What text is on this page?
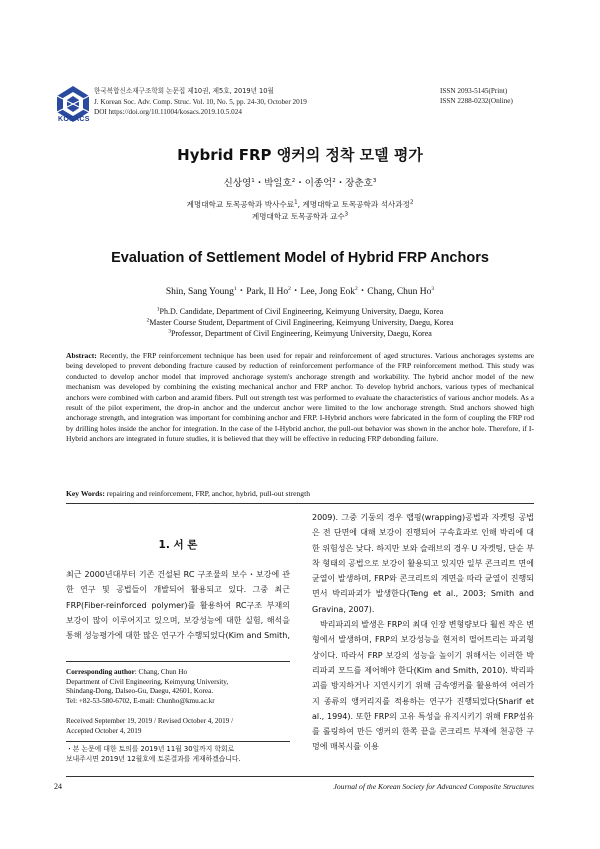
KOSACS
한국복합신소재구조학회 논문집 제10권, 제5호, 2019년 10월
J. Korean Soc. Adv. Comp. Struc. Vol. 10, No. 5, pp. 24-30, October 2019
DOI https://doi.org/10.11004/kosacs.2019.10.5.024
ISSN 2093-5145(Print)
ISSN 2288-0232(Online)
Hybrid FRP 앵커의 정착 모델 평가
신상영$^1$・박일호$^2$・이종억$^2$・장춘호$^3$
계명대학교 토목공학과 박사수료$^1$, 계명대학교 토목공학과 석사과정$^2$
계명대학교 토목공학과 교수$^3$
Evaluation of Settlement Model of Hybrid FRP Anchors
Shin, Sang Young$^1$・Park, Il Ho$^2$・Lee, Jong Eok$^2$・Chang, Chun Ho$^3$
$^1$Ph.D. Candidate, Department of Civil Engineering, Keimyung University, Daegu, Korea
$^2$Master Course Student, Department of Civil Engineering, Keimyung University, Daegu, Korea
$^3$Professor, Department of Civil Engineering, Keimyung University, Daegu, Korea
Abstract: Recently, the FRP reinforcement technique has been used for repair and reinforcement of aged structures. Various anchorages systems are being developed to prevent debonding fracture caused by reduction of reinforcement performance of the FRP reinforcement method. This study was conducted to develop anchor model that improved anchorage system's anchorage strength and workability. The hybrid anchor model of the new mechanism was developed by combining the existing mechanical anchor and FRP anchor. To develop hybrid anchors, various types of mechanical anchors were combined with carbon and aramid fibers. Pull out strength test was performed to evaluate the characteristics of various anchor models. As a result of the pilot experiment, the drop-in anchor and the undercut anchor were limited to the low anchorage strength. Stud anchors showed high anchorage strength, and integration was important for combining anchor and FRP. I-Hybrid anchors were fabricated in the form of coupling the FRP rod by drilling holes inside the anchor for integration. In the case of the I-Hybrid anchor, the pull-out behavior was shown in the anchor hole. Therefore, if I-Hybrid anchors are integrated in future studies, it is believed that they will be effective in reducing FRP debonding failure.
Key Words: repairing and reinforcement, FRP, anchor, hybrid, pull-out strength
1. 서 론
최근 2000년대부터 기존 건설된 RC 구조물의 보수・보강에 관한 연구 및 공법들이 개발되어 활용되고 있다. 그중 최근 FRP(Fiber-reinforced polymer)를 활용하여 RC구조 부재의 보강이 많이 이루어지고 있으며, 보강성능에 대한 실험, 해석을 통해 성능평가에 대한 많은 연구가 수행되었다(Kim and Smith,
2009). 그중 기둥의 경우 랩핑(wrapping)공법과 자켓팅 공법은 전 단면에 대해 보강이 진행되어 구속효과로 인해 박리에 대한 위험성은 낮다. 하지만 보와 슬래브의 경우 U 자켓팅, 단순 부착 형태의 공법으로 보강이 활용되고 있지만 일부 콘크리트 면에 균열이 발생하며, FRP와 콘크리트의 계면을 따라 균열이 진행되면서 박리파괴가 발생한다(Teng et al., 2003; Smith and Gravina, 2007).
박리파괴의 발생은 FRP의 최대 인장 변형량보다 훨씬 작은 변형에서 발생하며, FRP의 보강성능을 현저히 떨어트리는 파괴형상이다. 따라서 FRP 보강의 성능을 높이기 위해서는 이러한 박리파괴 모드를 제어해야 한다(Kim and Smith, 2010). 박리파괴를 방지하거나 지연시키기 위해 금속앵커를 활용하여 여러가지 종류의 앵커리지를 적용하는 연구가 진행되었다(Sharif et al., 1994). 또한 FRP의 고유 특성을 유지시키기 위해 FRP섬유를 롤링하여 만든 앵커의 한쪽 끝을 콘크리트 부재에 천공한 구멍에 매복시를 이용
Corresponding author: Chang, Chun Ho
Department of Civil Engineering, Keimyung University,
Shindang-Dong, Dalseo-Gu, Daegu, 42601, Korea.
Tel: +82-53-580-6702, E-mail: Chunho@kmu.ac.kr
Received September 19, 2019 / Revised October 4, 2019 /
Accepted October 4, 2019
・본 논문에 대한 토의를 2019년 11월 30일까지 학회로
보내주시면 2019년 12월호에 토론결과를 게재하겠습니다.
24	Journal of the Korean Society for Advanced Composite Structures
